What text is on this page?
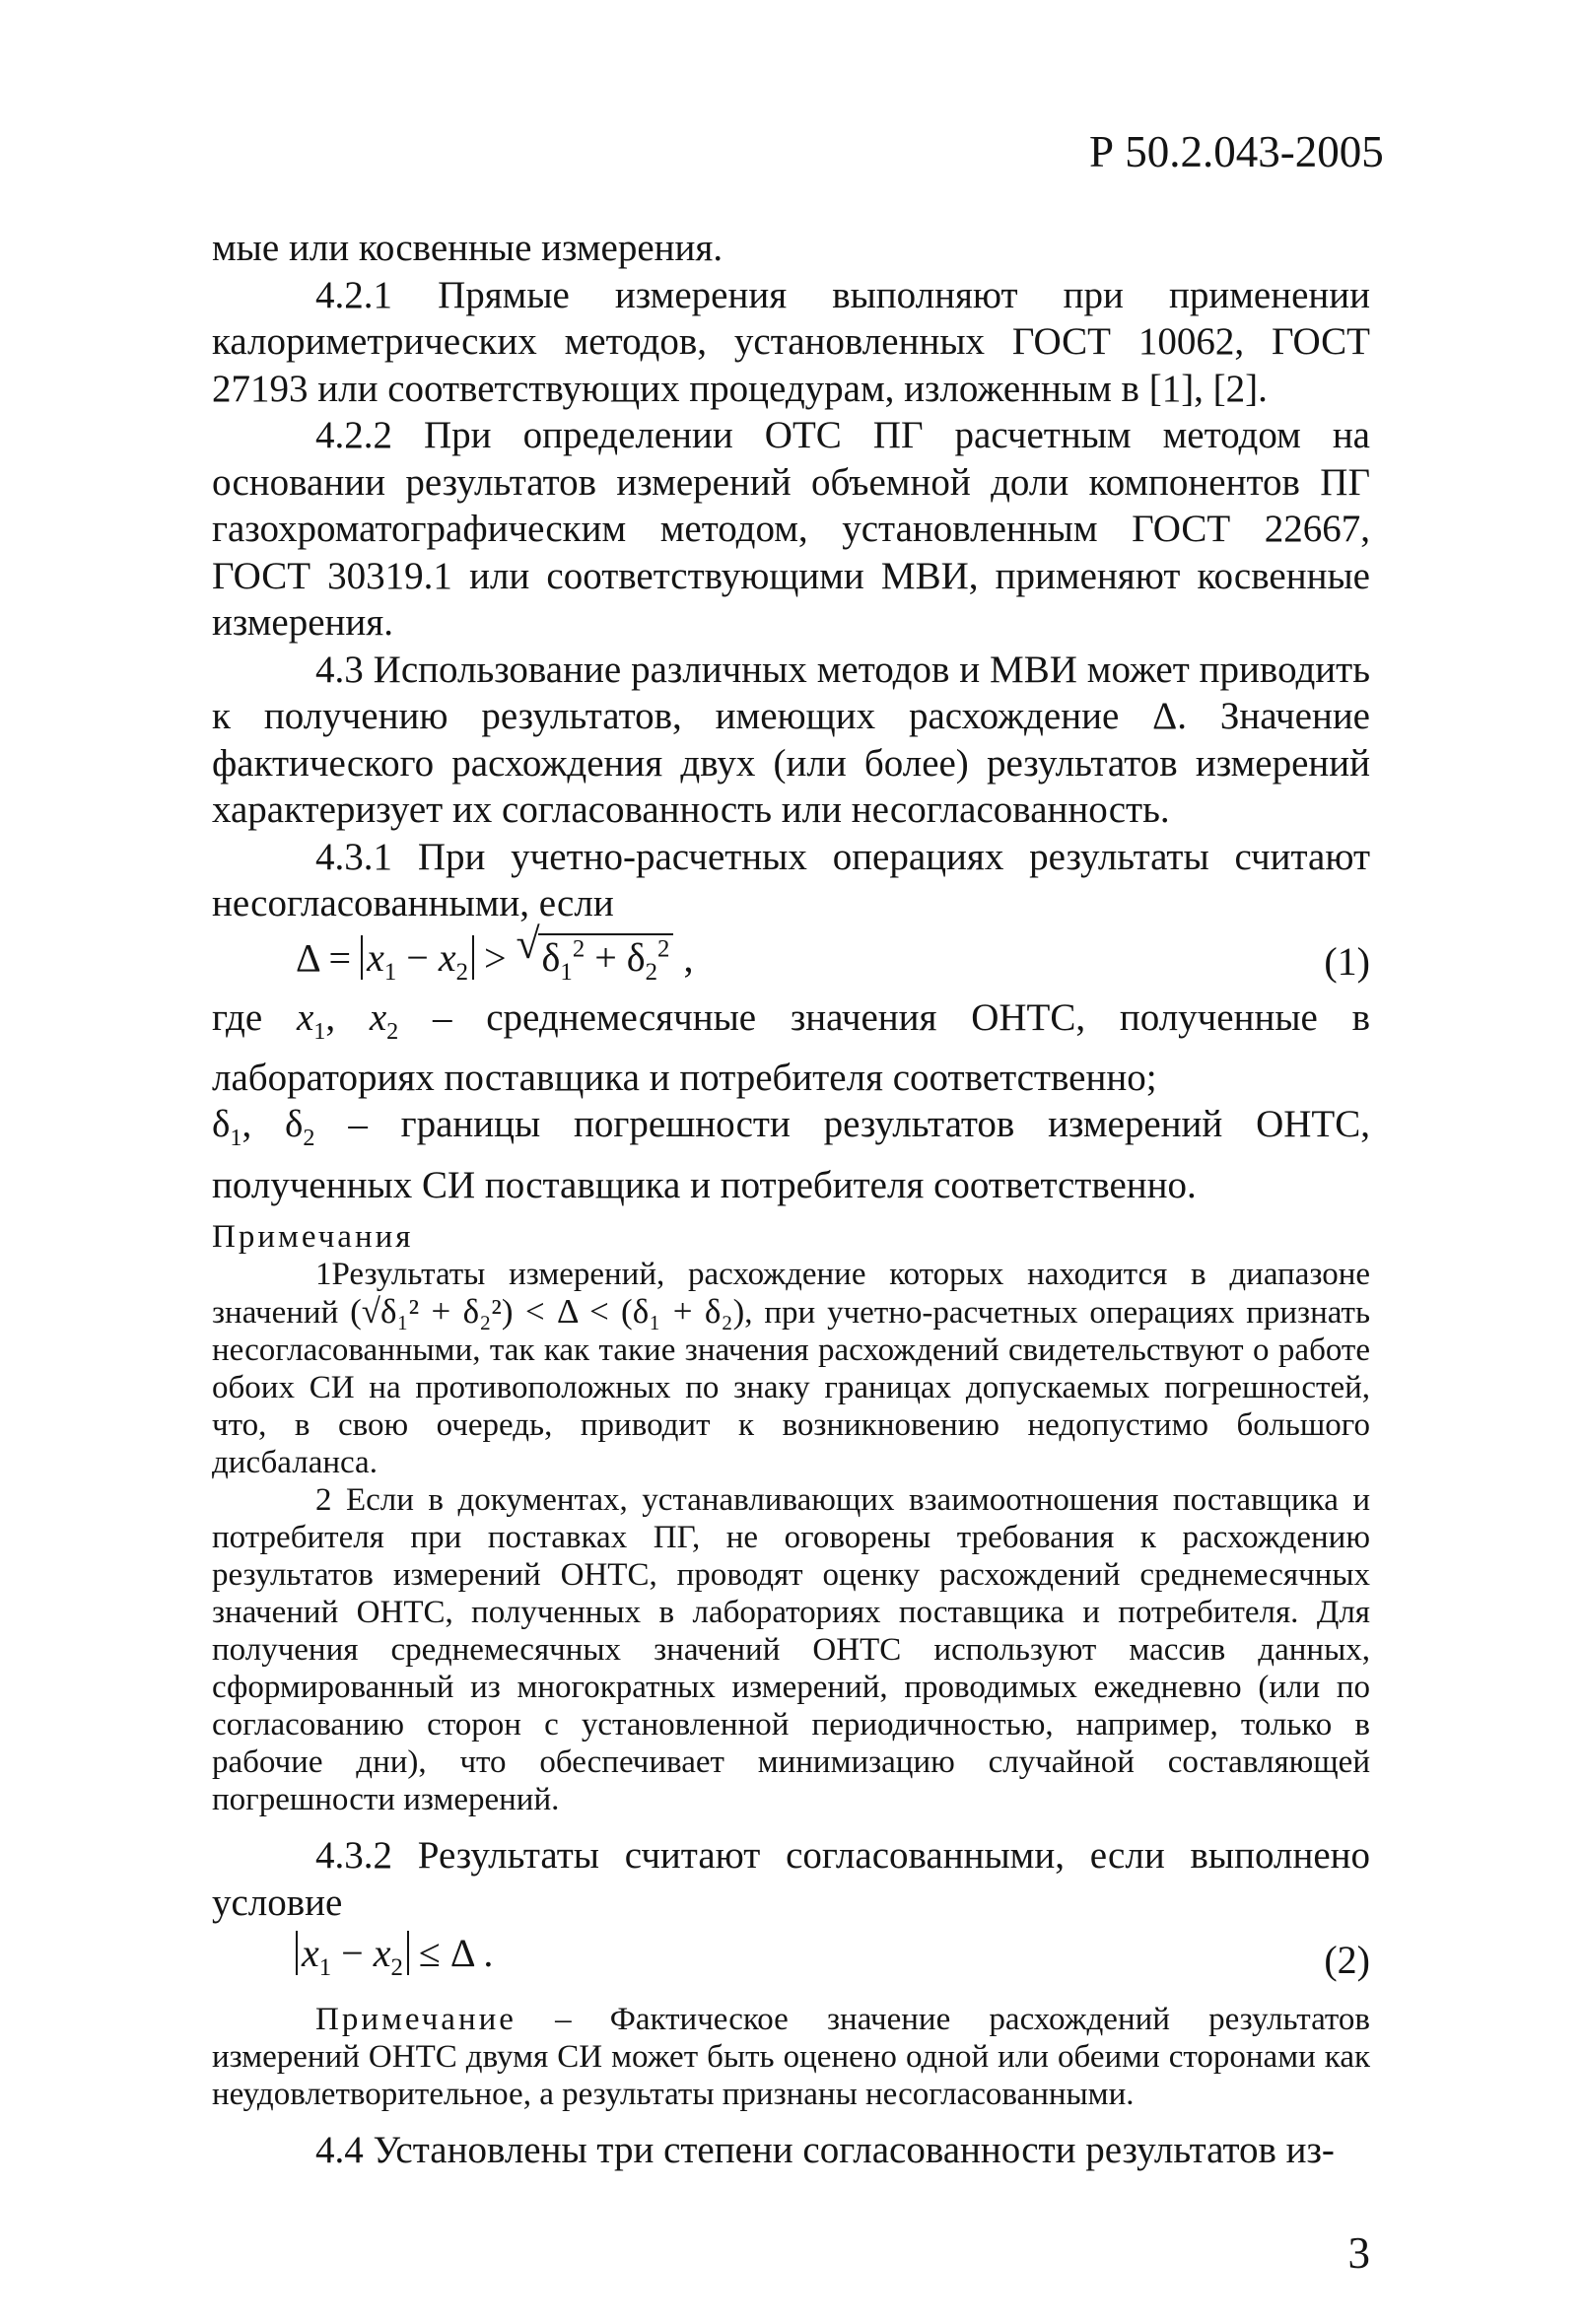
Р 50.2.043-2005

мые или косвенные измерения.

4.2.1 Прямые измерения выполняют при применении калориметрических методов, установленных ГОСТ 10062, ГОСТ 27193 или соответствующих процедурам, изложенным в [1], [2].

4.2.2 При определении ОТС ПГ расчетным методом на основании результатов измерений объемной доли компонентов ПГ газохроматографическим методом, установленным ГОСТ 22667, ГОСТ 30319.1 или соответствующими МВИ, применяют косвенные измерения.

4.3 Использование различных методов и МВИ может приводить к получению результатов, имеющих расхождение Δ. Значение фактического расхождения двух (или более) результатов измерений характеризует их согласованность или несогласованность.

4.3.1 При учетно-расчетных операциях результаты считают несогласованными, если

$\Delta = x_1 - x_2$ > √ $\delta_1^2 + \delta_2^2$ ,	(1)

где $x_1$, $x_2$ – среднемесячные значения ОНТС, полученные в лабораториях поставщика и потребителя соответственно;

$\delta_1$, $\delta_2$ – границы погрешности результатов измерений ОНТС, полученных СИ поставщика и потребителя соответственно.

Примечания

1Результаты измерений, расхождение которых находится в диапазоне значений (√δ₁² + δ₂²) < Δ < (δ₁ + δ₂), при учетно-расчетных операциях признать несогласованными, так как такие значения расхождений свидетельствуют о работе обоих СИ на противоположных по знаку границах допускаемых погрешностей, что, в свою очередь, приводит к возникновению недопустимо большого дисбаланса.

2 Если в документах, устанавливающих взаимоотношения поставщика и потребителя при поставках ПГ, не оговорены требования к расхождению результатов измерений ОНТС, проводят оценку расхождений среднемесячных значений ОНТС, полученных в лабораториях поставщика и потребителя. Для получения среднемесячных значений ОНТС используют массив данных, сформированный из многократных измерений, проводимых ежедневно (или по согласованию сторон с установленной периодичностью, например, только в рабочие дни), что обеспечивает минимизацию случайной составляющей погрешности измерений.

4.3.2 Результаты считают согласованными, если выполнено условие

$x_1 - x_2 \le \Delta$ .	(2)

Примечание – Фактическое значение расхождений результатов измерений ОНТС двумя СИ может быть оценено одной или обеими сторонами как неудовлетворительное, а результаты признаны несогласованными.

4.4 Установлены три степени согласованности результатов из-

3
